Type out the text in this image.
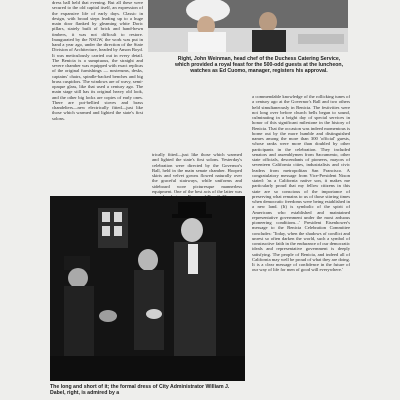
dress ball held that evening. But all these were secured to the old capital itself, an expression of the expansive life of early days. Classic in design, with broad steps leading up to a huge main door flanked by gleaming white Doric pillars, stately built of brick and hand-hewn timbers, it was not difficult to restore. Inaugurated by the NSGW, the work was put in hand a year ago, under the direction of the State Division of Architecture, headed by Anson Boyd. It was meticulously carried out in every detail. The Benicia is a sumptuous, the straight and severe chamber was equipped with exact replicas of the original furnishings — nosterums, desks, captains' chairs, spindle-backed benches and big brass cuspidors. The windows are of wavy, semi-opaque glass, like that used a century ago. The main stage still has its original heavy old look, and the other big locks are copies of early ones. There are pot-bellied stoves and brass chandeliers—new electrically fitted—just like those which warmed and lighted the state's first solons.

Right, John Weinman, head chef of the Duchess Catering Service, which provided a royal feast for the 500-odd guests at the luncheon, watches as Ed Cuomo, manager, registers his approval.

trically fitted—just like those which warmed and lighted the state's first solons. Yesterday's celebration were directed by the Governor's Ball, held in the main senate chamber. Hooped skirts and velvet gowns flowed naturally over the graceful stairways, while uniforms and sideboard wore picturesque mannerless equipment. One of the best acts of the latter was

a commendable knowledge of the rollicking tunes of a century ago at the Governor's Ball and two others held simultaneously in Benicia. The festivities were not long over before church bells began to sound, culminating in a bright day of special services in honor of this significant milestone in the history of Benicia. That the occasion was indeed momentous is borne out by the more humble and distinguished names among the more than 300 'official' guests, whose ranks were more than doubled by other participants in the celebration. They included senators and assemblymen from Sacramento, other state officials, descendants of pioneers, mayors of seventeen California cities, industrialists and civic leaders from metropolitan San Francisco. A congratulatory message from Vice-President Nixon stated: 'as a California native son, it makes me particularly proud that my fellow citizens in this state are so conscious of the importance of preserving what remains to us of those stirring times when democratic freedoms were being established in a new land. (It) is symbolic of the spirit of Americans who established and maintained representative government under the most arduous pioneering conditions...' President Eisenhower's message to the Benicia Celebration Committee concludes: 'Today, when the shadows of conflict and unrest so often darken the world, such a symbol of constructive faith in the endurance of our democratic ideals and representative government is deeply satisfying. The people of Benicia, and indeed all of California may well be proud of what they are doing. It is a clear message of confidence in the future of our way of life for men of good will everywhere.'

The long and short of it; the formal dress of City Administrator William J. Dabel, right, is admired by a
